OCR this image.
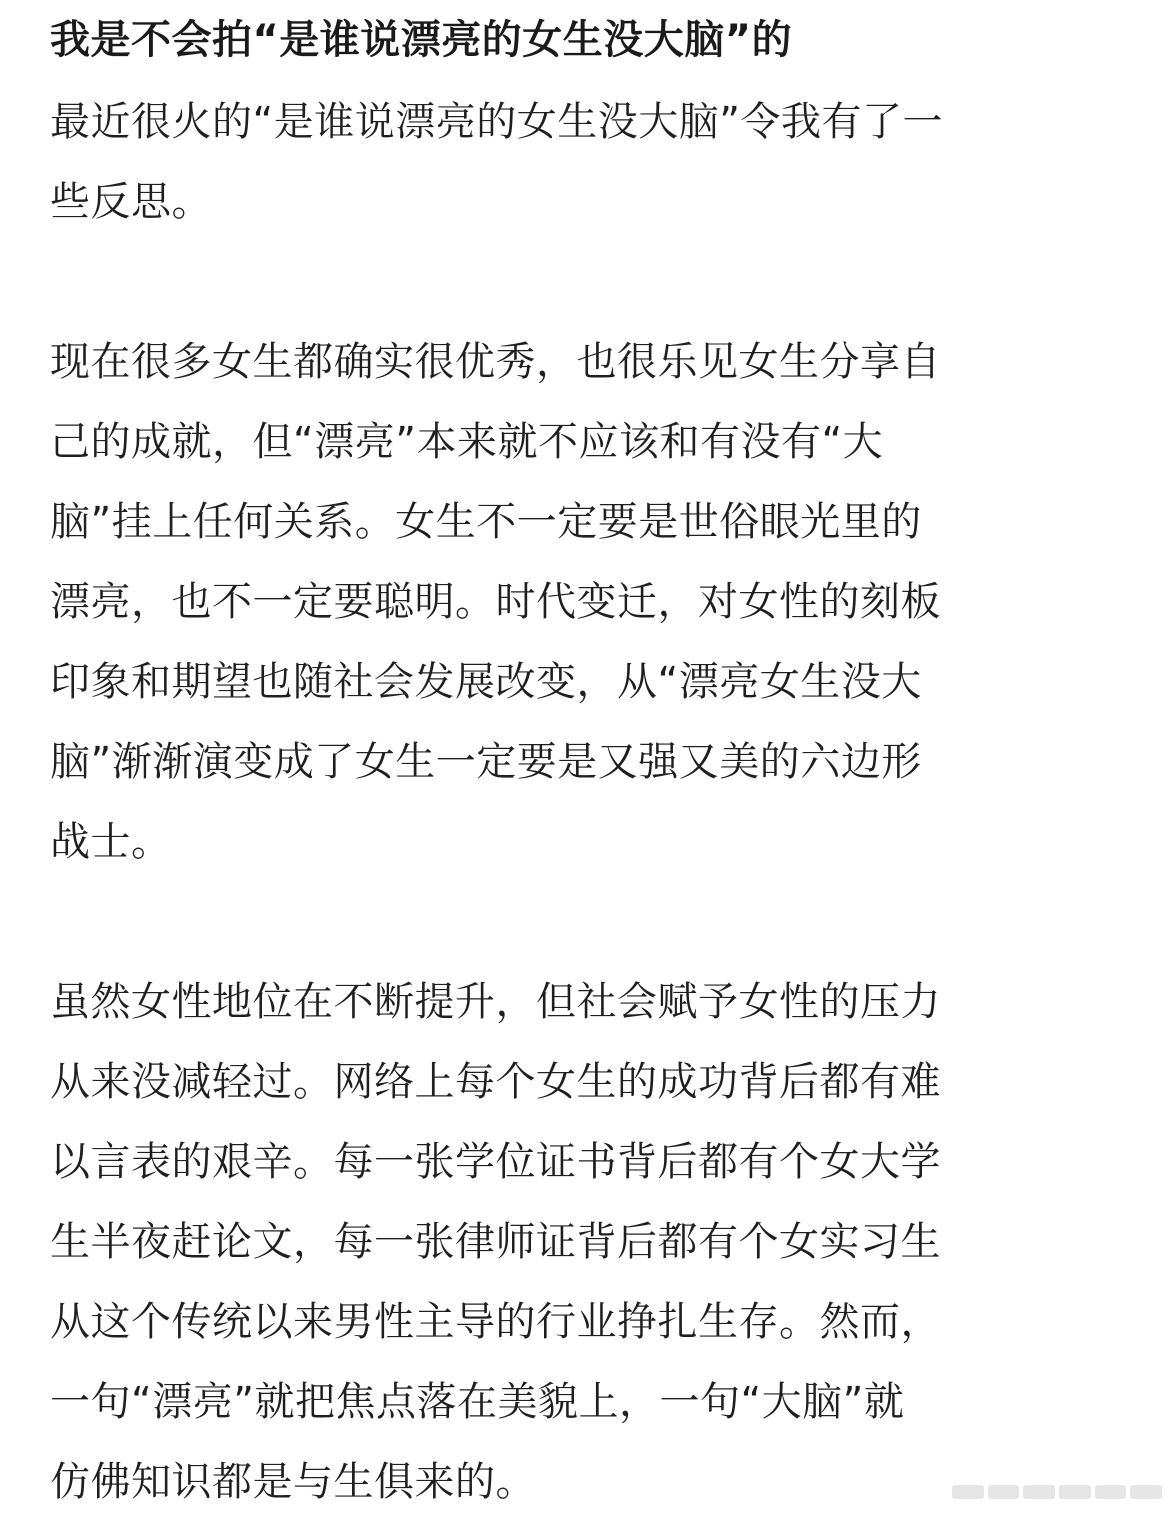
我是不会拍“是谁说漂亮的女生没大脑”的

最近很火的“是谁说漂亮的女生没大脑”令我有了一
些反思。

现在很多女生都确实很优秀，也很乐见女生分享自
己的成就，但“漂亮”本来就不应该和有没有“大
脑”挂上任何关系。女生不一定要是世俗眼光里的
漂亮，也不一定要聪明。时代变迁，对女性的刻板
印象和期望也随社会发展改变，从“漂亮女生没大
脑”渐渐演变成了女生一定要是又强又美的六边形
战士。

虽然女性地位在不断提升，但社会赋予女性的压力
从来没减轻过。网络上每个女生的成功背后都有难
以言表的艰辛。每一张学位证书背后都有个女大学
生半夜赶论文，每一张律师证背后都有个女实习生
从这个传统以来男性主导的行业挣扎生存。然而，
一句“漂亮”就把焦点落在美貌上，一句“大脑”就
仿佛知识都是与生俱来的。
